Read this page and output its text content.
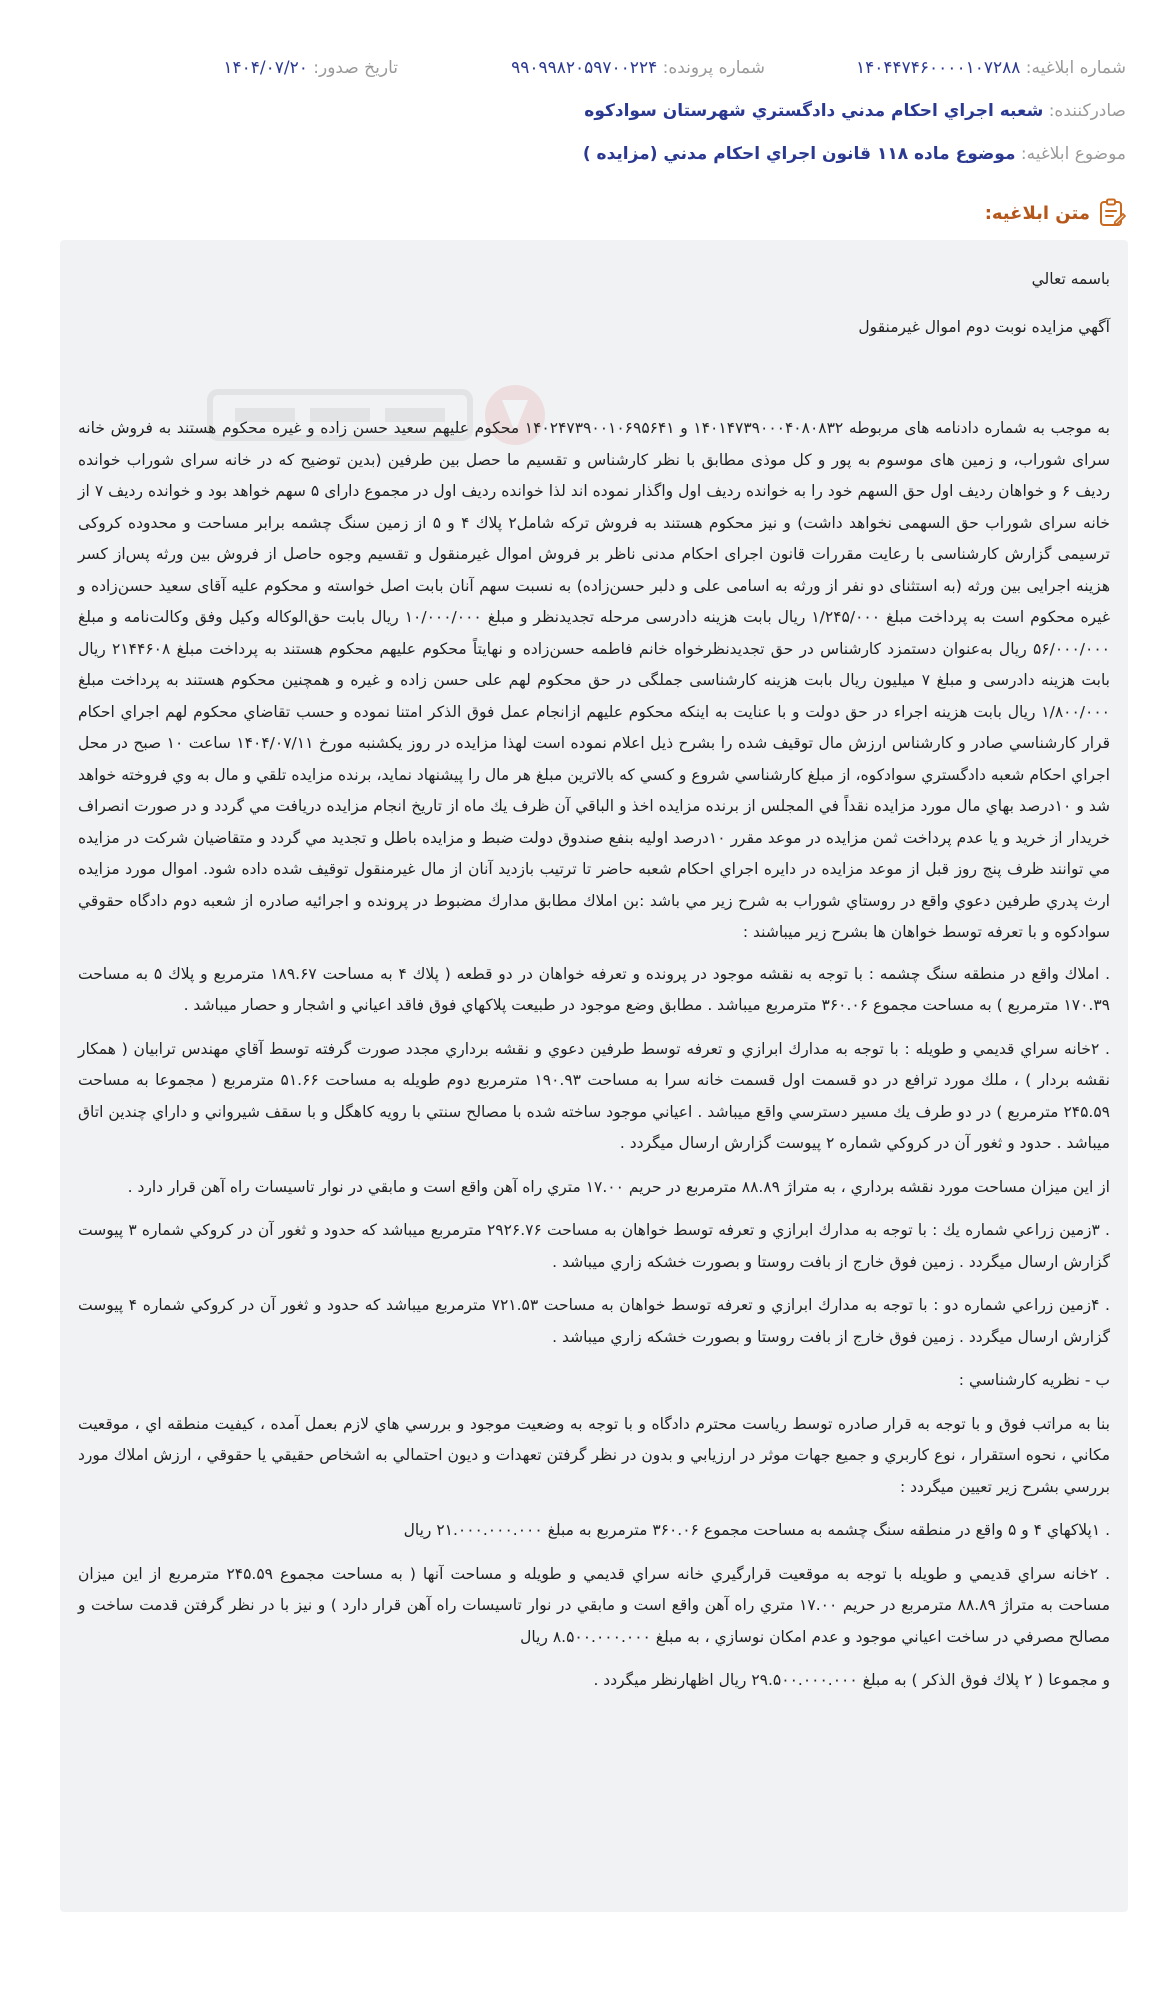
شماره ابلاغيه: ۱۴۰۴۴۷۴۶۰۰۰۰۱۰۷۲۸۸
شماره پرونده: ۹۹۰۹۹۸۲۰۵۹۷۰۰۲۲۴
تاريخ صدور: ۱۴۰۴/۰۷/۲۰
صادرکننده: شعبه اجراي احكام مدني دادگستري شهرستان سوادكوه
موضوع ابلاغيه: موضوع ماده ۱۱۸ قانون اجراي احكام مدني (مزايده )
متن ابلاغيه:

باسمه تعالي

آگهي مزايده نوبت دوم اموال غيرمنقول

به موجب به شماره دادنامه هاى مربوطه ۱۴۰۱۴۷۳۹۰۰۰۴۰۸۰۸۳۲ و ۱۴۰۲۴۷۳۹۰۰۱۰۶۹۵۶۴۱ محكوم عليهم سعيد حسن زاده و غيره محكوم هستند به فروش خانه سراى شوراب، و زمين هاى موسوم به پور و كل موذى مطابق با نظر كارشناس و تقسيم ما حصل بين طرفين (بدين توضيح كه در خانه سراى شوراب خوانده رديف ۶ و خواهان رديف اول حق السهم خود را به خوانده رديف اول واگذار نموده اند لذا خوانده رديف اول در مجموع داراى ۵ سهم خواهد بود و خوانده رديف ۷ از خانه سراى شوراب حق السهمى نخواهد داشت) و نيز محكوم هستند به فروش تركه شامل۲ پلاك ۴ و ۵ از زمين سنگ چشمه برابر مساحت و محدوده كروكى ترسيمى گزارش كارشناسى با رعايت مقررات قانون اجراى احكام مدنى ناظر بر فروش اموال غيرمنقول و تقسيم وجوه حاصل از فروش بين ورثه پس‌از كسر هزينه اجرايى بين ورثه (به استثناى دو نفر از ورثه به اسامى على و دلبر حسن‌زاده) به نسبت سهم آنان بابت اصل خواسته و محكوم عليه آقاى سعيد حسن‌زاده و غيره محكوم است به پرداخت مبلغ ۱/۲۴۵/۰۰۰ ريال بابت هزينه دادرسى مرحله تجديدنظر و مبلغ ۱۰/۰۰۰/۰۰۰ ريال بابت حق‌الوكاله وكيل وفق وكالت‌نامه و مبلغ ۵۶/۰۰۰/۰۰۰ ريال به‌عنوان دستمزد كارشناس در حق تجديدنظرخواه خانم فاطمه حسن‌زاده و نهايتاً محكوم عليهم محكوم هستند به پرداخت مبلغ ۲۱۴۴۶۰۸ ريال بابت هزينه دادرسى و مبلغ ۷ ميليون ريال بابت هزينه كارشناسى جملگى در حق محكوم لهم على حسن زاده و غيره و همچنين محكوم هستند به پرداخت مبلغ ۱/۸۰۰/۰۰۰ ريال بابت هزينه اجراء در حق دولت و با عنايت به اينكه محكوم عليهم ازانجام عمل فوق الذكر امتنا نموده و حسب تقاضاي محكوم لهم اجراي احكام قرار كارشناسي صادر و كارشناس ارزش مال توقيف شده را بشرح ذيل اعلام نموده است لهذا مزايده در روز يكشنبه مورخ ۱۴۰۴/۰۷/۱۱ ساعت ۱۰ صبح در محل اجراي احكام شعبه دادگستري سوادكوه، از مبلغ كارشناسي شروع و كسي كه بالاترين مبلغ هر مال را پيشنهاد نمايد، برنده مزايده تلقي و مال به وي فروخته خواهد شد و ۱۰درصد بهاي مال مورد مزايده نقداً في المجلس از برنده مزايده اخذ و الباقي آن ظرف يك ماه از تاريخ انجام مزايده دريافت مي گردد و در صورت انصراف خريدار از خريد و يا عدم پرداخت ثمن مزايده در موعد مقرر ۱۰درصد اوليه بنفع صندوق دولت ضبط و مزايده باطل و تجديد مي گردد و متقاضيان شركت در مزايده مي توانند ظرف پنج روز قبل از موعد مزايده در دايره اجراي احكام شعبه حاضر تا ترتيب بازديد آنان از مال غيرمنقول توقيف شده داده شود. اموال مورد مزايده ارث پدري طرفين دعوي واقع در روستاي شوراب به شرح زير مي باشد :بن املاك مطابق مدارك مضبوط در پرونده و اجرائيه صادره از شعبه دوم دادگاه حقوقي سوادكوه و با تعرفه توسط خواهان ها بشرح زير ميباشند :

. املاك واقع در منطقه سنگ چشمه : با توجه به نقشه موجود در پرونده و تعرفه خواهان در دو قطعه ( پلاك ۴ به مساحت ۱۸۹.۶۷ مترمربع و پلاك ۵ به مساحت ۱۷۰.۳۹ مترمربع ) به مساحت مجموع ۳۶۰.۰۶ مترمربع ميباشد . مطابق وضع موجود در طبيعت پلاكهاي فوق فاقد اعياني و اشجار و حصار ميباشد .

. ۲خانه سراي قديمي و طويله : با توجه به مدارك ابرازي و تعرفه توسط طرفين دعوي و نقشه برداري مجدد صورت گرفته توسط آقاي مهندس ترابيان ( همكار نقشه بردار ) ، ملك مورد ترافع در دو قسمت اول قسمت خانه سرا به مساحت ۱۹۰.۹۳ مترمربع دوم طويله به مساحت ۵۱.۶۶ مترمربع ( مجموعا به مساحت ۲۴۵.۵۹ مترمربع ) در دو طرف يك مسير دسترسي واقع ميباشد . اعياني موجود ساخته شده با مصالح سنتي با رويه كاهگل و با سقف شيرواني و داراي چندين اتاق ميباشد . حدود و ثغور آن در كروكي شماره ۲ پيوست گزارش ارسال ميگردد .

از اين ميزان مساحت مورد نقشه برداري ، به متراژ ۸۸.۸۹ مترمربع در حريم ۱۷.۰۰ متري راه آهن واقع است و مابقي در نوار تاسيسات راه آهن قرار دارد .

. ۳زمين زراعي شماره يك : با توجه به مدارك ابرازي و تعرفه توسط خواهان به مساحت ۲۹۲۶.۷۶ مترمربع ميباشد كه حدود و ثغور آن در كروكي شماره ۳ پيوست گزارش ارسال ميگردد . زمين فوق خارج از بافت روستا و بصورت خشكه زاري ميباشد .

. ۴زمين زراعي شماره دو : با توجه به مدارك ابرازي و تعرفه توسط خواهان به مساحت ۷۲۱.۵۳ مترمربع ميباشد كه حدود و ثغور آن در كروكي شماره ۴ پيوست گزارش ارسال ميگردد . زمين فوق خارج از بافت روستا و بصورت خشكه زاري ميباشد .

ب - نظريه كارشناسي :

بنا به مراتب فوق و با توجه به قرار صادره توسط رياست محترم دادگاه و با توجه به وضعيت موجود و بررسي هاي لازم بعمل آمده ، كيفيت منطقه اي ، موقعيت مكاني ، نحوه استقرار ، نوع كاربري و جميع جهات موثر در ارزيابي و بدون در نظر گرفتن تعهدات و ديون احتمالي به اشخاص حقيقي يا حقوقي ، ارزش املاك مورد بررسي بشرح زير تعيين ميگردد :

. ۱پلاكهاي ۴ و ۵ واقع در منطقه سنگ چشمه به مساحت مجموع ۳۶۰.۰۶ مترمربع به مبلغ ۲۱.۰۰۰.۰۰۰.۰۰۰ ريال

. ۲خانه سراي قديمي و طويله با توجه به موقعيت قرارگيري خانه سراي قديمي و طويله و مساحت آنها ( به مساحت مجموع ۲۴۵.۵۹ مترمربع از اين ميزان مساحت به متراژ ۸۸.۸۹ مترمربع در حريم ۱۷.۰۰ متري راه آهن واقع است و مابقي در نوار تاسيسات راه آهن قرار دارد ) و نيز با در نظر گرفتن قدمت ساخت و مصالح مصرفي در ساخت اعياني موجود و عدم امكان نوسازي ، به مبلغ ۸.۵۰۰.۰۰۰.۰۰۰ ريال

و مجموعا ( ۲ پلاك فوق الذكر ) به مبلغ ۲۹.۵۰۰.۰۰۰.۰۰۰ ريال اظهارنظر ميگردد .
